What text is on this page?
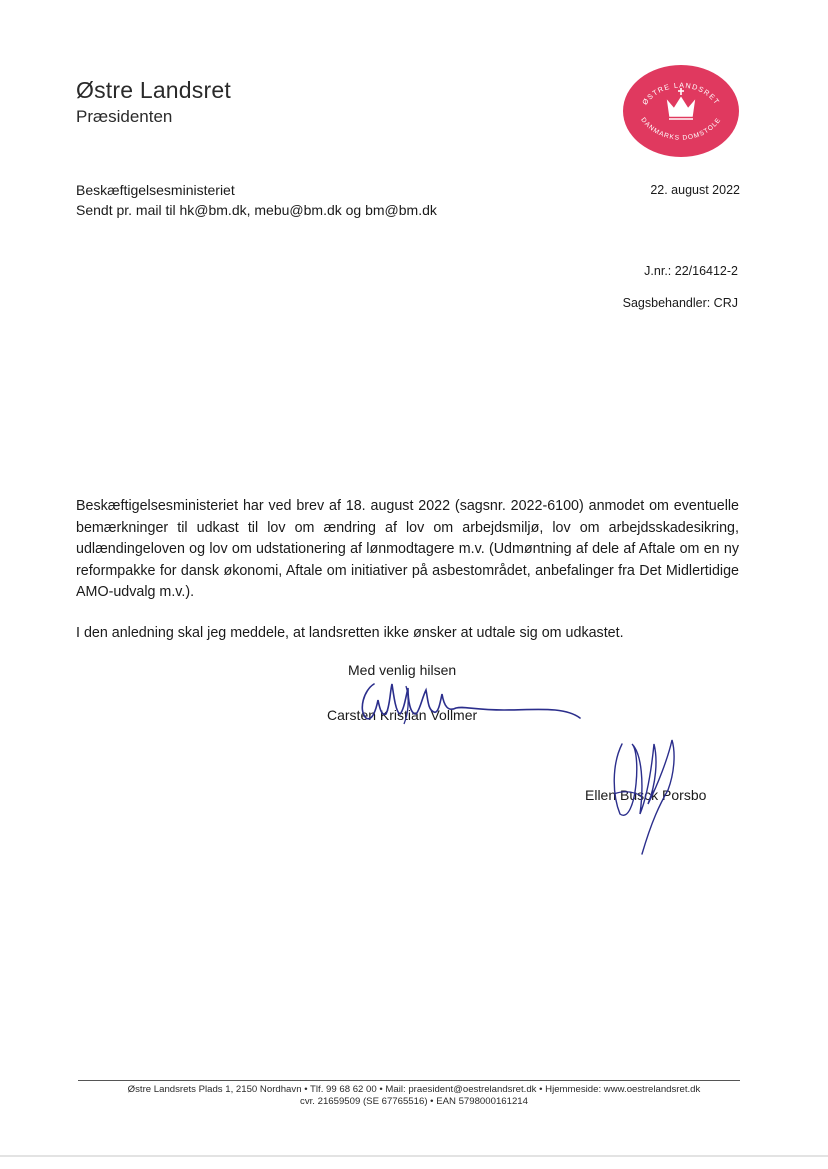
Østre Landsret
Præsidenten
ØSTRE LANDSRET
DANMARKS DOMSTOLE
Beskæftigelsesministeriet
Sendt pr. mail til hk@bm.dk, mebu@bm.dk og bm@bm.dk
22. august 2022
J.nr.: 22/16412-2
Sagsbehandler: CRJ
Beskæftigelsesministeriet har ved brev af 18. august 2022 (sagsnr. 2022-6100) anmodet om eventuelle bemærkninger til udkast til lov om ændring af lov om arbejdsmiljø, lov om arbejdsskadesikring, udlændingeloven og lov om udstationering af lønmodtagere m.v. (Udmøntning af dele af Aftale om en ny reformpakke for dansk økonomi, Aftale om initiativer på asbestområdet, anbefalinger fra Det Midlertidige AMO-udvalg m.v.).
I den anledning skal jeg meddele, at landsretten ikke ønsker at udtale sig om udkastet.
Med venlig hilsen
Carsten Kristian Vollmer
Ellen Busck Porsbo
Østre Landsrets Plads 1, 2150 Nordhavn • Tlf. 99 68 62 00 • Mail: praesident@oestrelandsret.dk • Hjemmeside: www.oestrelandsret.dk
cvr. 21659509 (SE 67765516) • EAN 5798000161214
